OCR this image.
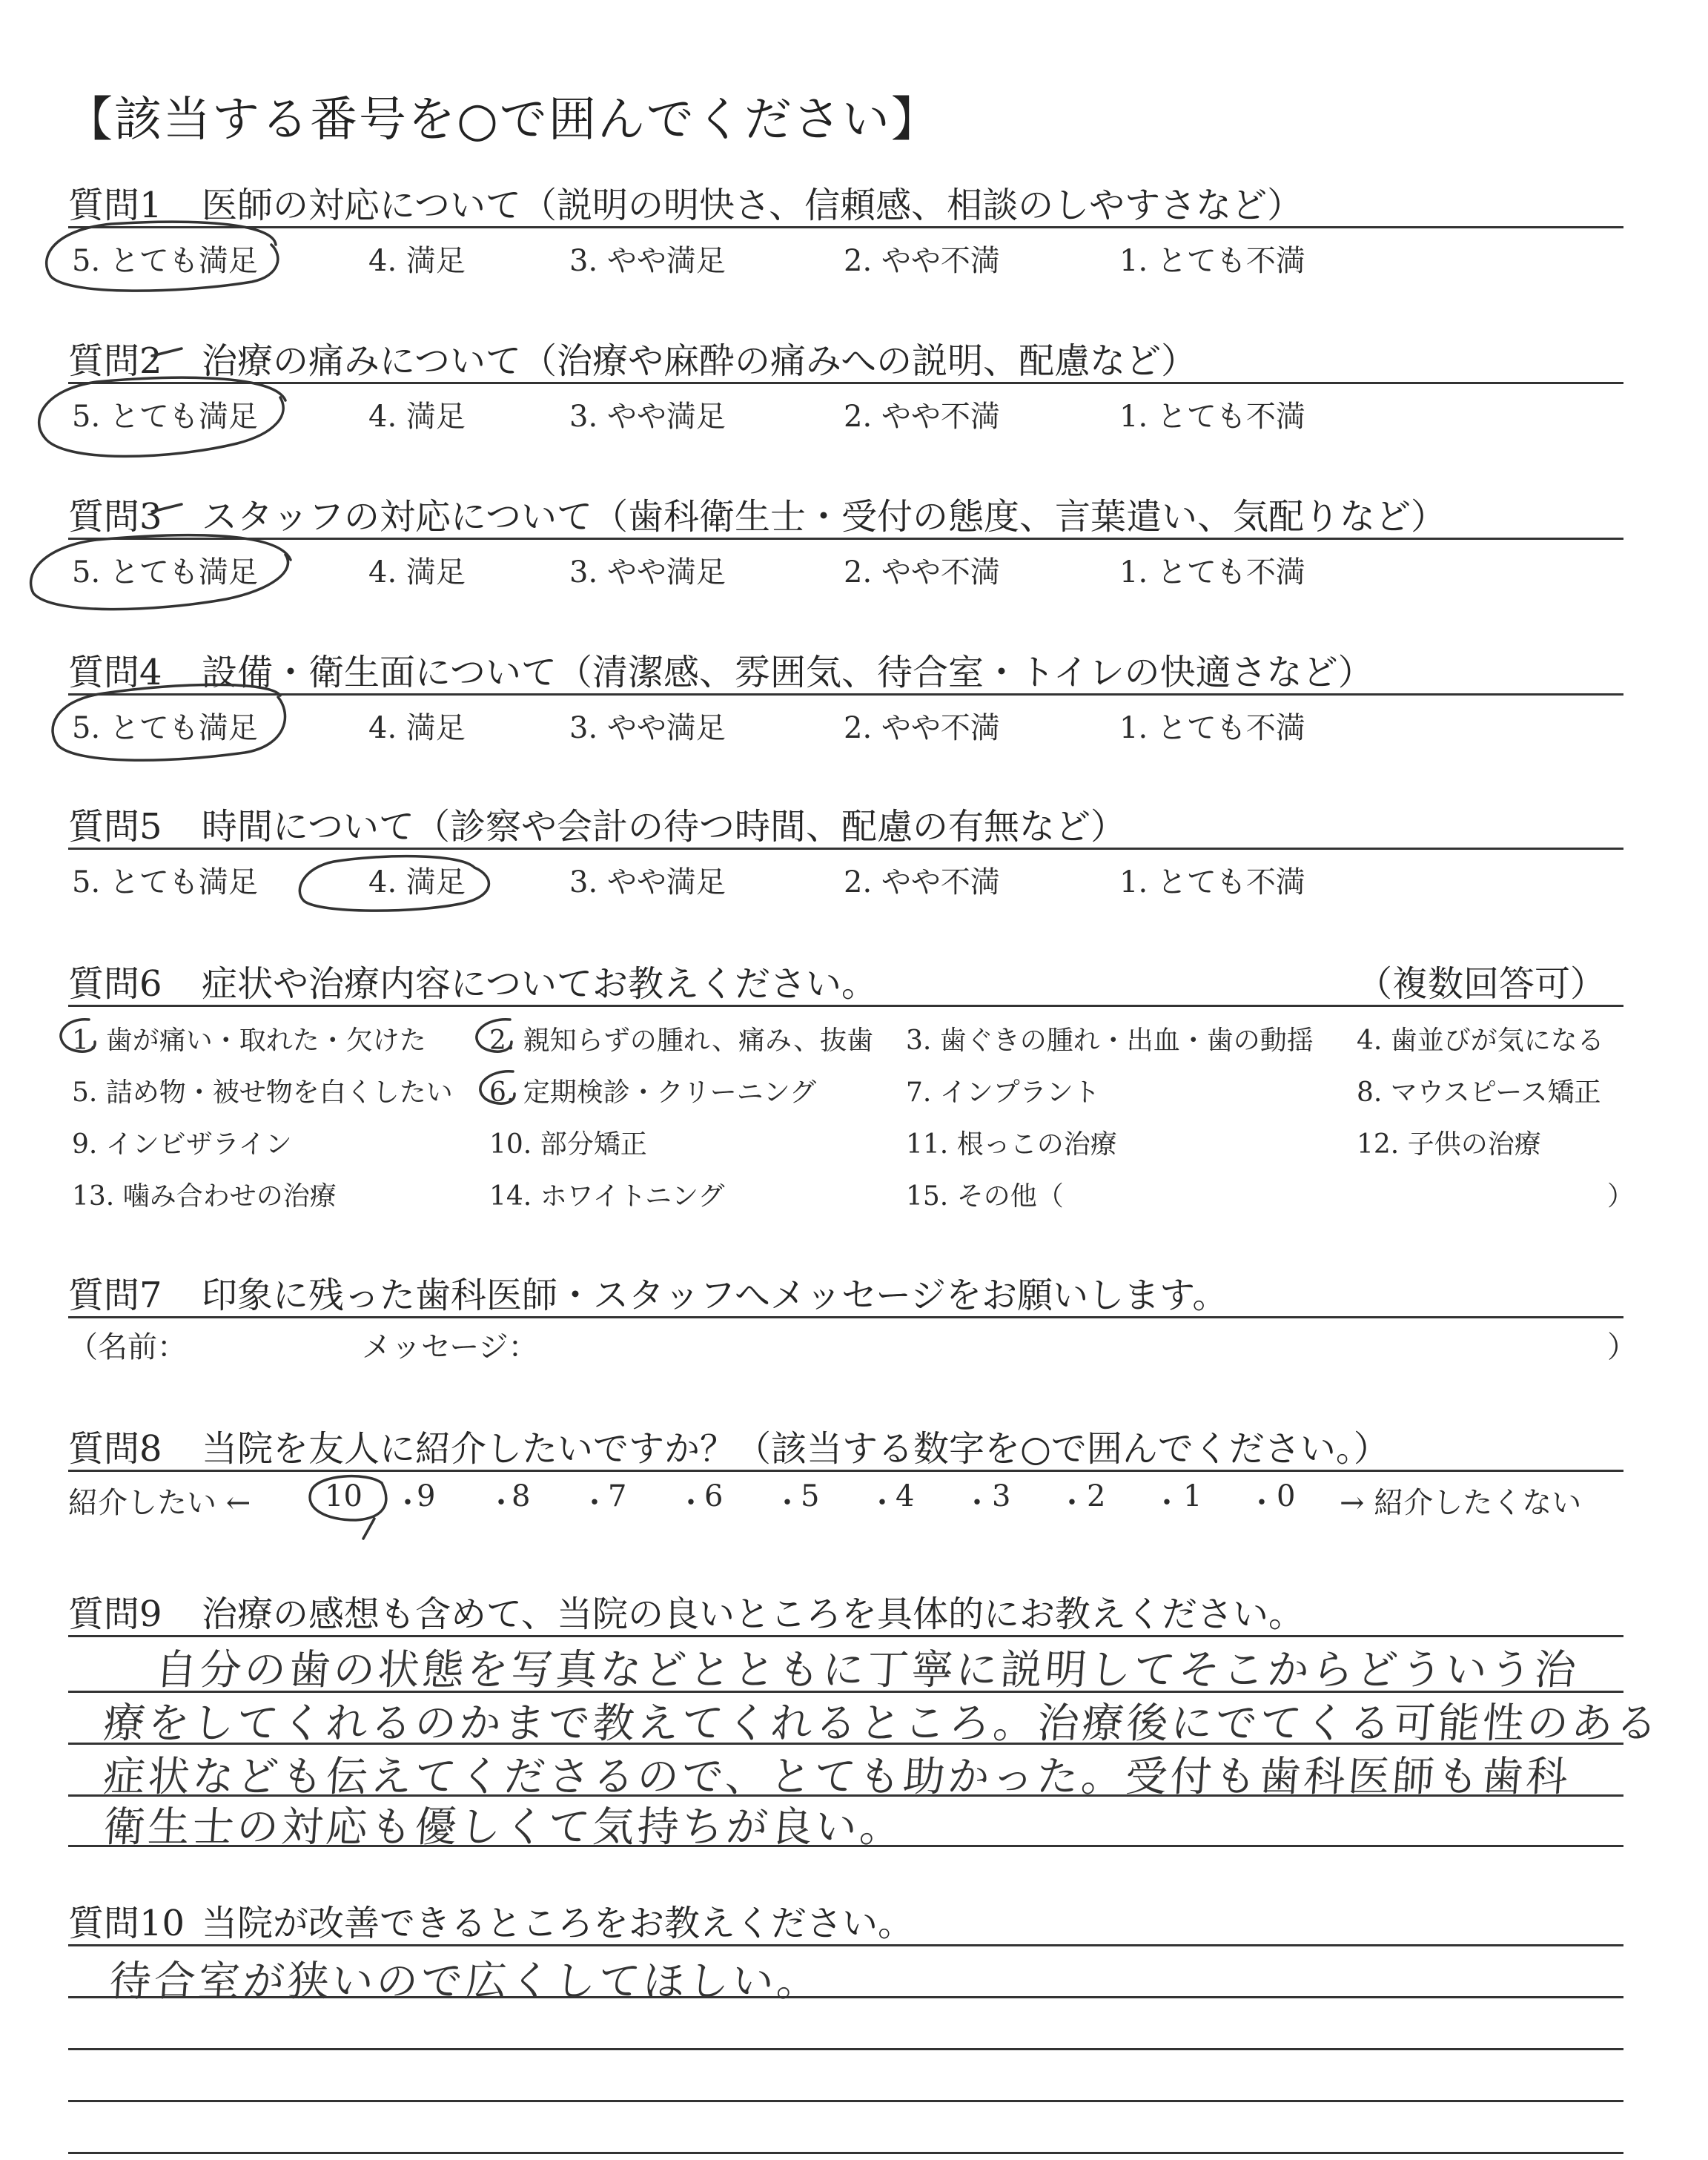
【該当する番号を○で囲んでください】
質問1 医師の対応について（説明の明快さ、信頼感、相談のしやすさなど）
5. とても満足	4. 満足	3. やや満足	2. やや不満	1. とても不満
質問2 治療の痛みについて（治療や麻酔の痛みへの説明、配慮など）
5. とても満足	4. 満足	3. やや満足	2. やや不満	1. とても不満
質問3 スタッフの対応について（歯科衛生士・受付の態度、言葉遣い、気配りなど）
5. とても満足	4. 満足	3. やや満足	2. やや不満	1. とても不満
質問4 設備・衛生面について（清潔感、雰囲気、待合室・トイレの快適さなど）
5. とても満足	4. 満足	3. やや満足	2. やや不満	1. とても不満
質問5 時間について（診察や会計の待つ時間、配慮の有無など）
5. とても満足	4. 満足	3. やや満足	2. やや不満	1. とても不満
質問6 症状や治療内容についてお教えください。	（複数回答可）
1. 歯が痛い・取れた・欠けた 2. 親知らずの腫れ、痛み、抜歯 3. 歯ぐきの腫れ・出血・歯の動揺 4. 歯並びが気になる
5. 詰め物・被せ物を白くしたい 6. 定期検診・クリーニング	7. インプラント	8. マウスピース矯正
9. インビザライン	10. 部分矯正	11. 根っこの治療	12. 子供の治療
13. 噛み合わせの治療	14. ホワイトニング	15. その他（	）
質問7 印象に残った歯科医師・スタッフへメッセージをお願いします。
（名前：	メッセージ：	）
質問8 当院を友人に紹介したいですか？（該当する数字を○で囲んでください。）
紹介したい ←	→ 紹介したくない
10 ・
9 ・
8 ・
7 ・
6 ・
5 ・
4 ・ 3 ・ 2 ・ 1 ・ 0
質問9 治療の感想も含めて、当院の良いところを具体的にお教えください。
自分の歯の状態を写真などとともに丁寧に説明してそこからどういう治
療をしてくれるのかまで教えてくれるところ。治療後にでてくる可能性のある
症状なども伝えてくださるので、とても助かった。受付も歯科医師も歯科
衛生士の対応も優しくて気持ちが良い。
質問10 当院が改善できるところをお教えください。
待合室が狭いので広くしてほしい。
